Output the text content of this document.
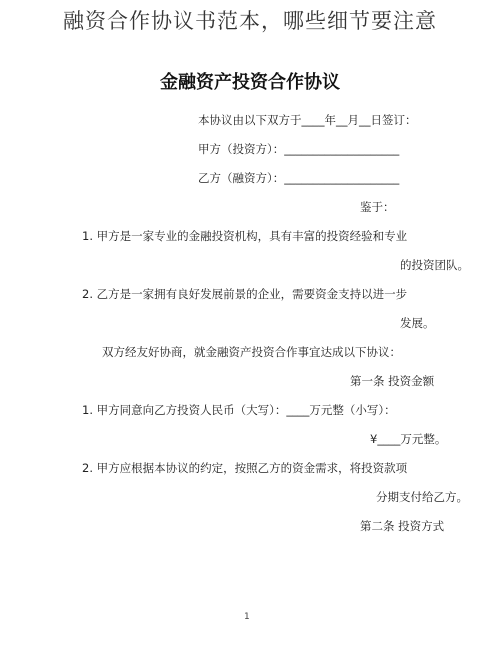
融资合作协议书范本，哪些细节要注意
金融资产投资合作协议
本协议由以下双方于____年__月__日签订：
甲方（投资方）：____________________
乙方（融资方）：____________________
鉴于：
1. 甲方是一家专业的金融投资机构，具有丰富的投资经验和专业
的投资团队。
2. 乙方是一家拥有良好发展前景的企业，需要资金支持以进一步
发展。
双方经友好协商，就金融资产投资合作事宜达成以下协议：
第一条 投资金额
1. 甲方同意向乙方投资人民币（大写）：____万元整（小写）：
¥____万元整。
2. 甲方应根据本协议的约定，按照乙方的资金需求，将投资款项
分期支付给乙方。
第二条 投资方式
1
